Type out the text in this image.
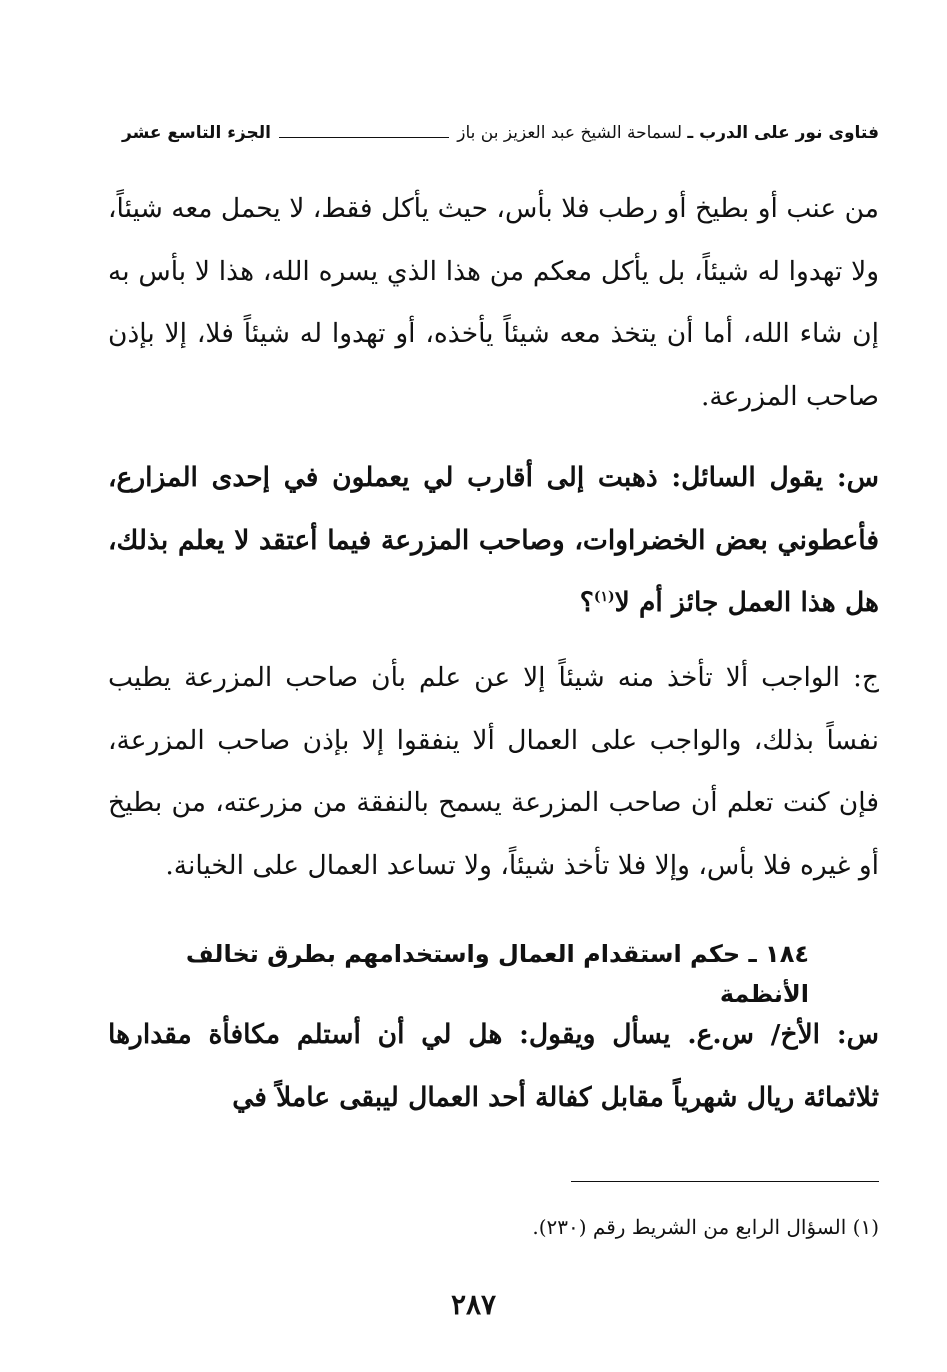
فتاوى نور على الدرب ـ لسماحة الشيخ عبد العزيز بن باز
الجزء التاسع عشر

من عنب أو بطيخ أو رطب فلا بأس، حيث يأكل فقط، لا يحمل معه شيئاً، ولا تهدوا له شيئاً، بل يأكل معكم من هذا الذي يسره الله، هذا لا بأس به إن شاء الله، أما أن يتخذ معه شيئاً يأخذه، أو تهدوا له شيئاً فلا، إلا بإذن صاحب المزرعة.

س: يقول السائل: ذهبت إلى أقارب لي يعملون في إحدى المزارع، فأعطوني بعض الخضراوات، وصاحب المزرعة فيما أعتقد لا يعلم بذلك، هل هذا العمل جائز أم لا$^{(١)}$؟

ج: الواجب ألا تأخذ منه شيئاً إلا عن علم بأن صاحب المزرعة يطيب نفساً بذلك، والواجب على العمال ألا ينفقوا إلا بإذن صاحب المزرعة، فإن كنت تعلم أن صاحب المزرعة يسمح بالنفقة من مزرعته، من بطيخ أو غيره فلا بأس، وإلا فلا تأخذ شيئاً، ولا تساعد العمال على الخيانة.

١٨٤ ـ حكم استقدام العمال واستخدامهم بطرق تخالف الأنظمة

س: الأخ/ س.ع. يسأل ويقول: هل لي أن أستلم مكافأة مقدارها ثلاثمائة ريال شهرياً مقابل كفالة أحد العمال ليبقى عاملاً في

(١) السؤال الرابع من الشريط رقم (٢٣٠).
٢٨٧
